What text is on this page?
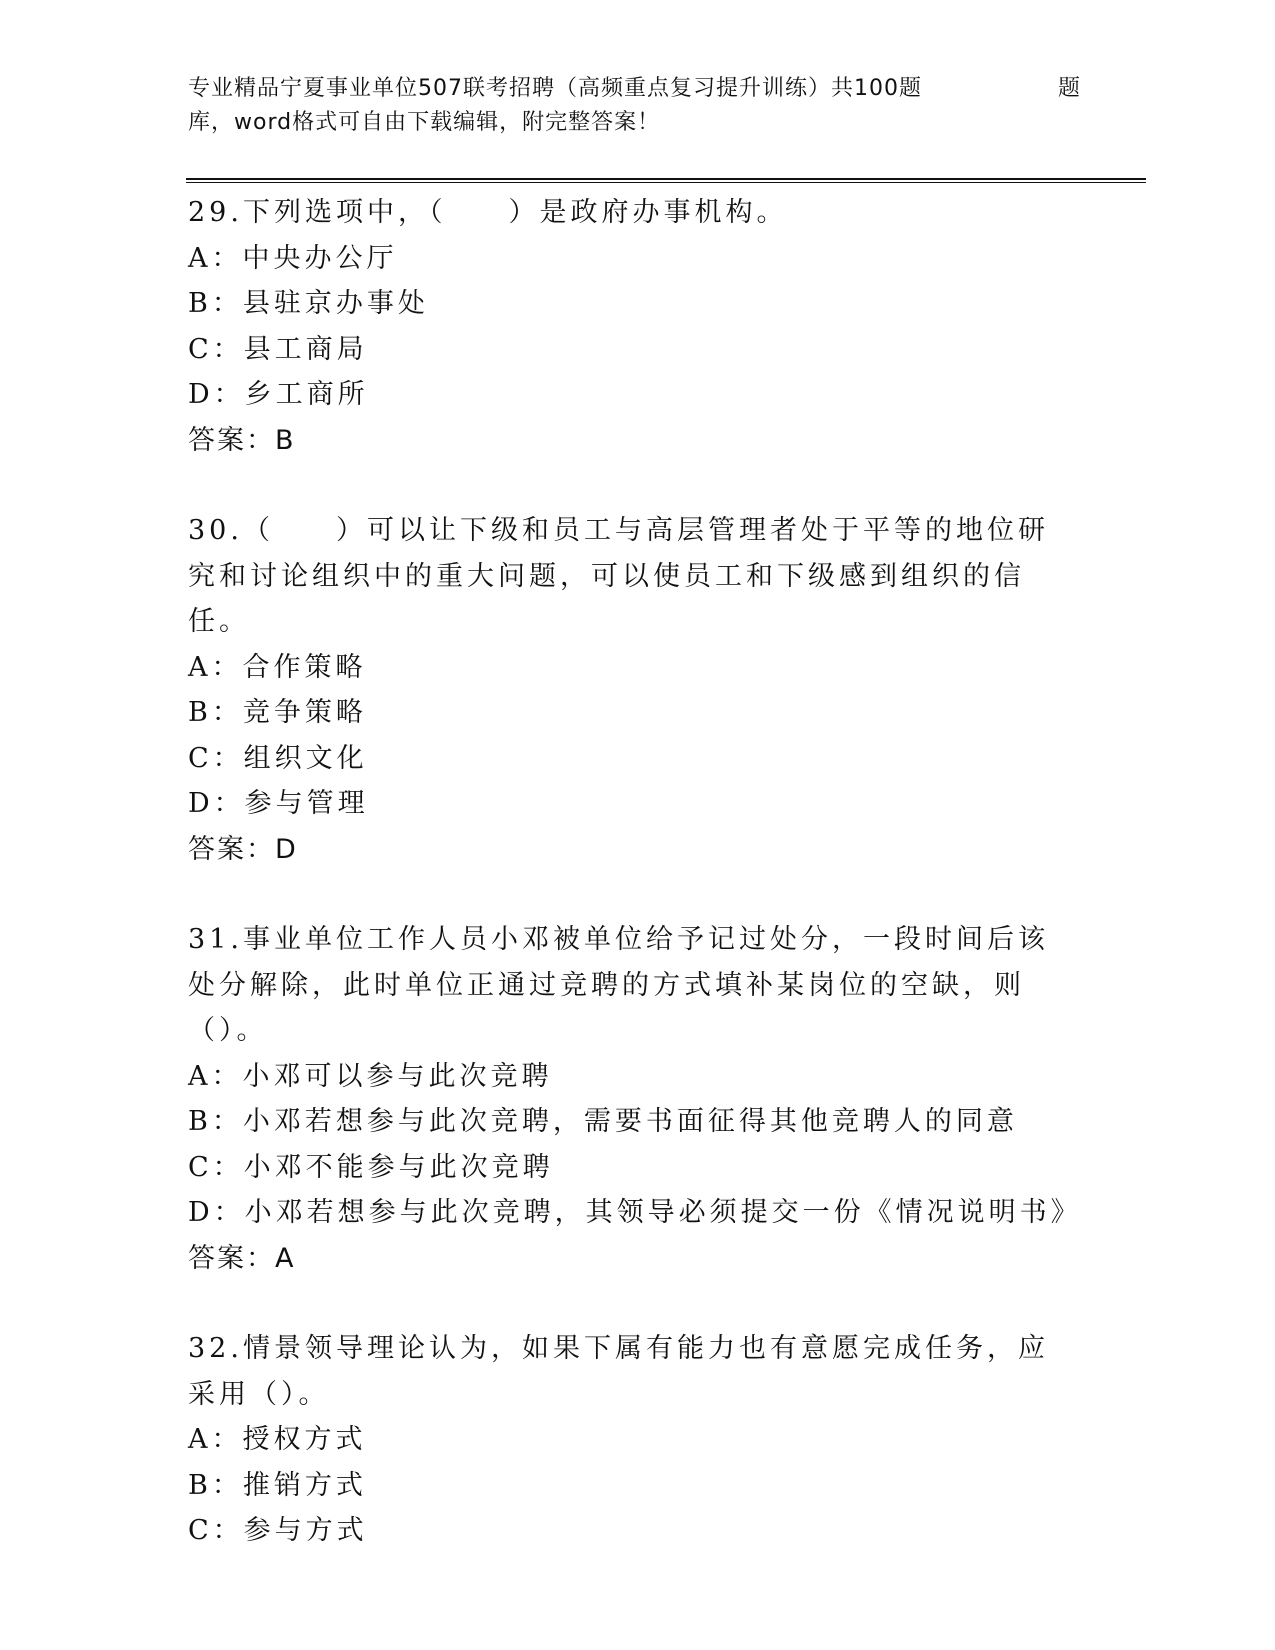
专业精品宁夏事业单位507联考招聘（高频重点复习提升训练）共100题	题
库，word格式可自由下载编辑，附完整答案！
29.下列选项中，（　　）是政府办事机构。
A：中央办公厅
B：县驻京办事处
C：县工商局
D：乡工商所
答案：B
30.（　　）可以让下级和员工与高层管理者处于平等的地位研究和讨论组织中的重大问题，可以使员工和下级感到组织的信任。
A：合作策略
B：竞争策略
C：组织文化
D：参与管理
答案：D
31.事业单位工作人员小邓被单位给予记过处分，一段时间后该处分解除，此时单位正通过竞聘的方式填补某岗位的空缺，则（）。
A：小邓可以参与此次竞聘
B：小邓若想参与此次竞聘，需要书面征得其他竞聘人的同意
C：小邓不能参与此次竞聘
D：小邓若想参与此次竞聘，其领导必须提交一份《情况说明书》
答案：A
32.情景领导理论认为，如果下属有能力也有意愿完成任务，应采用（）。
A：授权方式
B：推销方式
C：参与方式
